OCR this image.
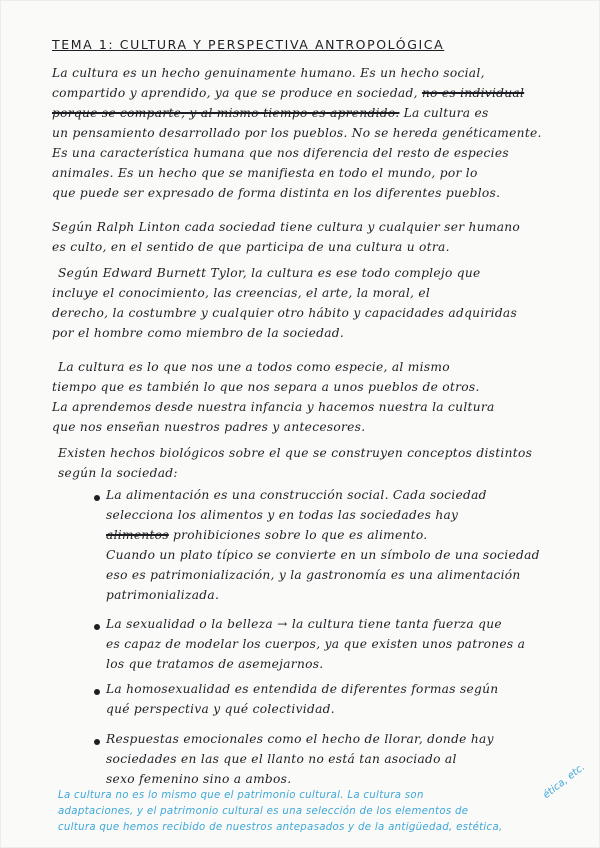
TEMA 1: CULTURA Y PERSPECTIVA ANTROPOLÓGICA
La cultura es un hecho genuinamente humano. Es un hecho social,
compartido y aprendido, ya que se produce en sociedad, no es individual
porque se comparte, y al mismo tiempo es aprendido. La cultura es
un pensamiento desarrollado por los pueblos. No se hereda genéticamente.
Es una característica humana que nos diferencia del resto de especies
animales. Es un hecho que se manifiesta en todo el mundo, por lo
que puede ser expresado de forma distinta en los diferentes pueblos.
Según Ralph Linton cada sociedad tiene cultura y cualquier ser humano
es culto, en el sentido de que participa de una cultura u otra.
Según Edward Burnett Tylor, la cultura es ese todo complejo que
incluye el conocimiento, las creencias, el arte, la moral, el
derecho, la costumbre y cualquier otro hábito y capacidades adquiridas
por el hombre como miembro de la sociedad.
La cultura es lo que nos une a todos como especie, al mismo
tiempo que es también lo que nos separa a unos pueblos de otros.
La aprendemos desde nuestra infancia y hacemos nuestra la cultura
que nos enseñan nuestros padres y antecesores.
Existen hechos biológicos sobre el que se construyen conceptos distintos
según la sociedad:
La alimentación es una construcción social. Cada sociedad
selecciona los alimentos y en todas las sociedades hay
alimentos prohibiciones sobre lo que es alimento.
Cuando un plato típico se convierte en un símbolo de una sociedad
eso es patrimonialización, y la gastronomía es una alimentación
patrimonializada.
La sexualidad o la belleza → la cultura tiene tanta fuerza que
es capaz de modelar los cuerpos, ya que existen unos patrones a
los que tratamos de asemejarnos.
La homosexualidad es entendida de diferentes formas según
qué perspectiva y qué colectividad.
Respuestas emocionales como el hecho de llorar, donde hay
sociedades en las que el llanto no está tan asociado al
sexo femenino sino a ambos.
La cultura no es lo mismo que el patrimonio cultural. La cultura son
adaptaciones, y el patrimonio cultural es una selección de los elementos de
cultura que hemos recibido de nuestros antepasados y de la antigüedad, estética,
ética, etc.
